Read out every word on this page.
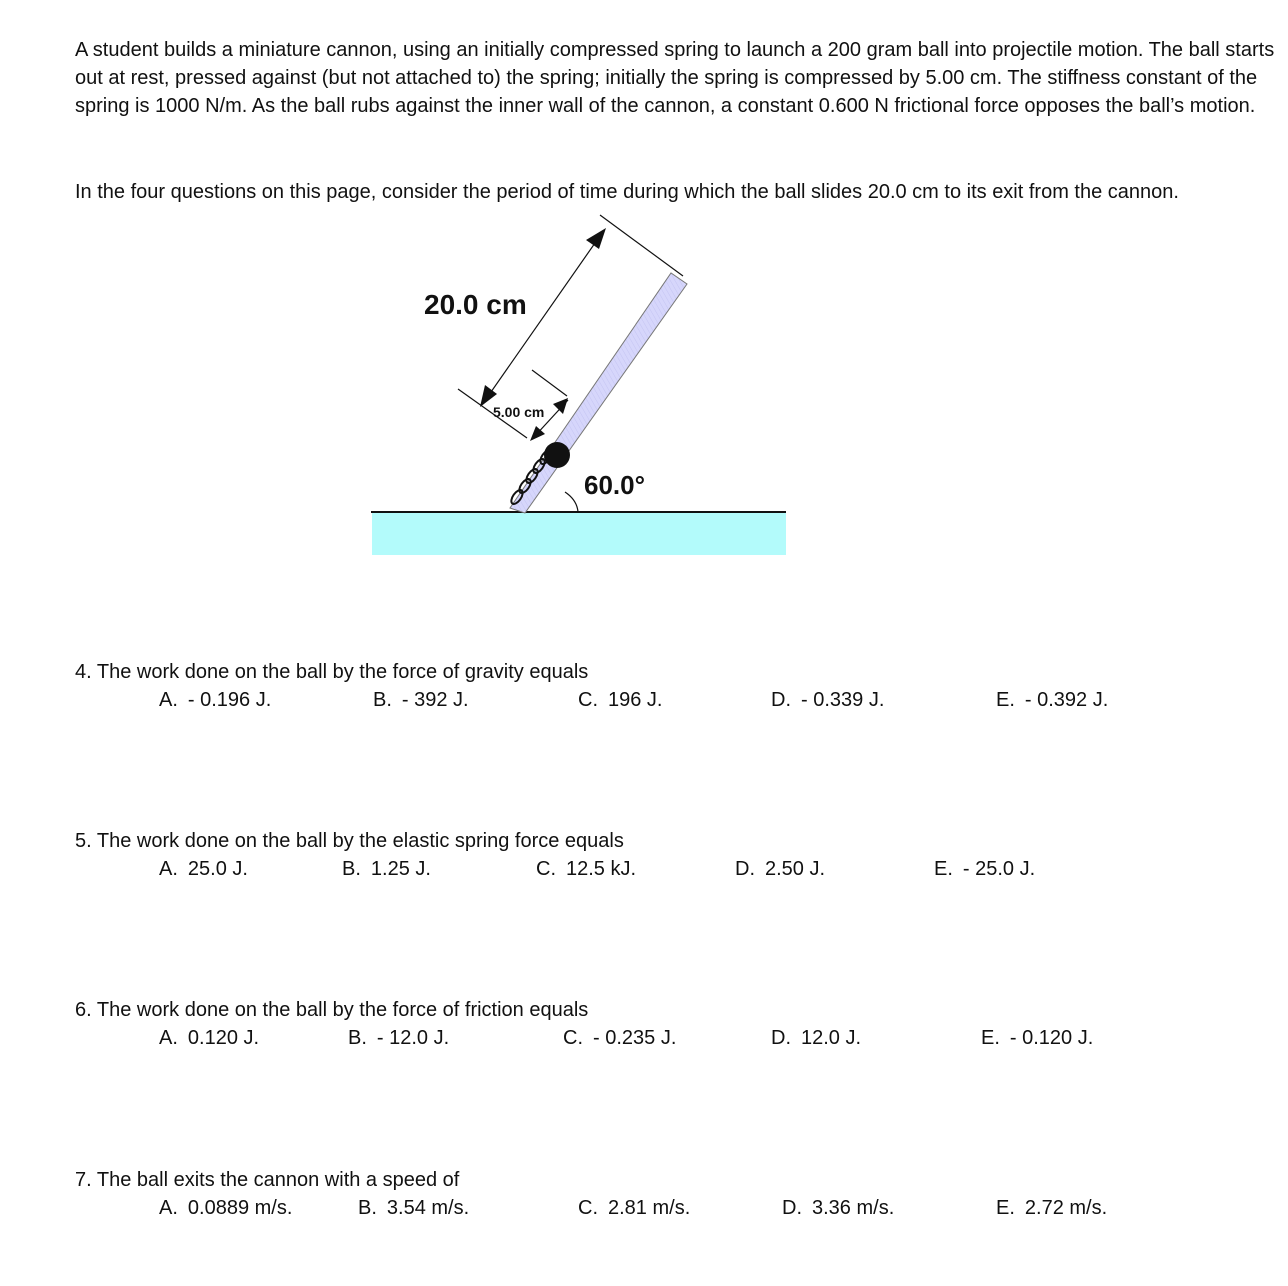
A student builds a miniature cannon, using an initially compressed spring to launch a 200 gram ball into projectile motion. The ball starts out at rest, pressed against (but not attached to) the spring; initially the spring is compressed by 5.00 cm. The stiffness constant of the spring is 1000 N/m. As the ball rubs against the inner wall of the cannon, a constant 0.600 N frictional force opposes the ball’s motion.

In the four questions on this page, consider the period of time during which the ball slides 20.0 cm to its exit from the cannon.

20.0 cm
5.00 cm
60.0°
4. The work done on the ball by the force of gravity equals
A. - 0.196 J.	B. - 392 J.	C. 196 J.	D. - 0.339 J.	E. - 0.392 J.
5. The work done on the ball by the elastic spring force equals
A. 25.0 J.	B. 1.25 J.	C. 12.5 kJ.	D. 2.50 J.	E. - 25.0 J.
6. The work done on the ball by the force of friction equals
A. 0.120 J.	B. - 12.0 J.	C. - 0.235 J.	D. 12.0 J.	E. - 0.120 J.
7. The ball exits the cannon with a speed of
A. 0.0889 m/s.	B. 3.54 m/s.	C. 2.81 m/s.	D. 3.36 m/s.	E. 2.72 m/s.
